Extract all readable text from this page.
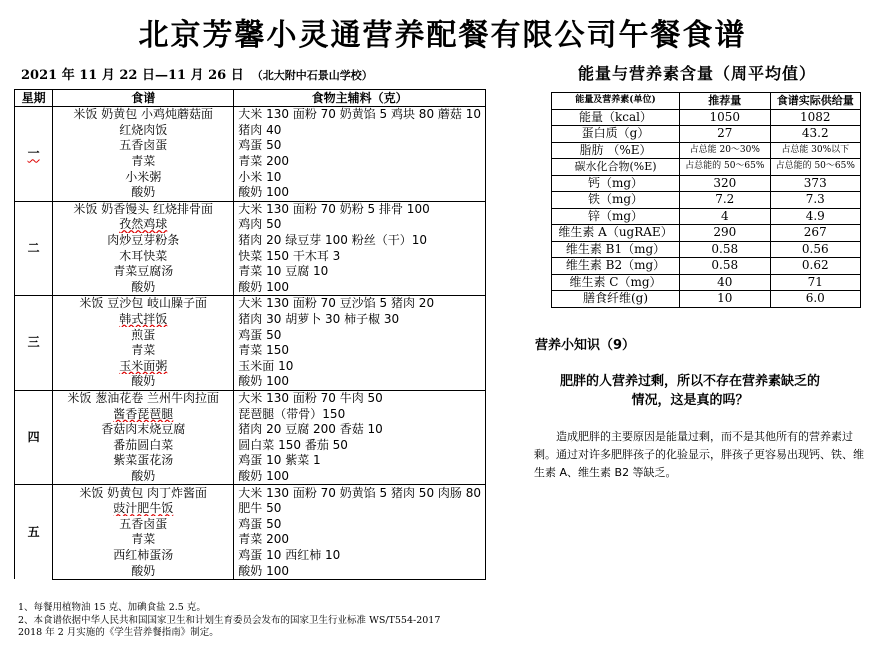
北京芳馨小灵通营养配餐有限公司午餐食谱
2021 年 11 月 22 日—11 月 26 日 （北大附中石景山学校）	能量与营养素含量（周平均值）
星期	食谱	食物主辅料（克）
一	米饭 奶黄包 小鸡炖蘑菇面	大米 130 面粉 70 奶黄馅 5 鸡块 80 蘑菇 10
	红烧肉饭	猪肉 40
	五香卤蛋	鸡蛋 50
	青菜	青菜 200
	小米粥	小米 10
	酸奶	酸奶 100
二	米饭 奶香馒头 红烧排骨面	大米 130 面粉 70 奶粉 5 排骨 100
	孜然鸡球	鸡肉 50
	肉炒豆芽粉条	猪肉 20 绿豆芽 100 粉丝（干）10
	木耳快菜	快菜 150 干木耳 3
	青菜豆腐汤	青菜 10 豆腐 10
	酸奶	酸奶 100
三	米饭 豆沙包 岐山臊子面	大米 130 面粉 70 豆沙馅 5 猪肉 20
	韩式拌饭	猪肉 30 胡萝卜 30 柿子椒 30
	煎蛋	鸡蛋 50
	青菜	青菜 150
	玉米面粥	玉米面 10
	酸奶	酸奶 100
四	米饭 葱油花卷 兰州牛肉拉面	大米 130 面粉 70 牛肉 50
	酱香琵琶腿	琵琶腿（带骨）150
	香菇肉末烧豆腐	猪肉 20 豆腐 200 香菇 10
	番茄圆白菜	圆白菜 150 番茄 50
	紫菜蛋花汤	鸡蛋 10 紫菜 1
	酸奶	酸奶 100
五	米饭 奶黄包 肉丁炸酱面	大米 130 面粉 70 奶黄馅 5 猪肉 50 肉肠 80
	豉汁肥牛饭	肥牛 50
	五香卤蛋	鸡蛋 50
	青菜	青菜 200
	西红柿蛋汤	鸡蛋 10 西红柿 10
	酸奶	酸奶 100
能量及营养素(单位)	推荐量	食谱实际供给量
能量（kcal）	1050	1082
蛋白质（g）	27	43.2
脂肪 （%E）	占总能 20～30%	占总能 30%以下
碳水化合物(%E)	占总能的 50～65%	占总能的 50～65%
钙（mg）	320	373
铁（mg）	7.2	7.3
锌（mg）	4	4.9
维生素 A（ugRAE）	290	267
维生素 B1（mg）	0.58	0.56
维生素 B2（mg）	0.58	0.62
维生素 C（mg）	40	71
膳食纤维(g)	10	6.0
营养小知识（9）
肥胖的人营养过剩，所以不存在营养素缺乏的情况，这是真的吗？
造成肥胖的主要原因是能量过剩，而不是其他所有的营养素过剩。通过对许多肥胖孩子的化验显示，胖孩子更容易出现钙、铁、维生素 A、维生素 B2 等缺乏。
1、每餐用植物油 15 克、加碘食盐 2.5 克。
2、本食谱依据中华人民共和国国家卫生和计划生育委员会发布的国家卫生行业标准 WS/T554-2017
2018 年 2 月实施的《学生营养餐指南》制定。
